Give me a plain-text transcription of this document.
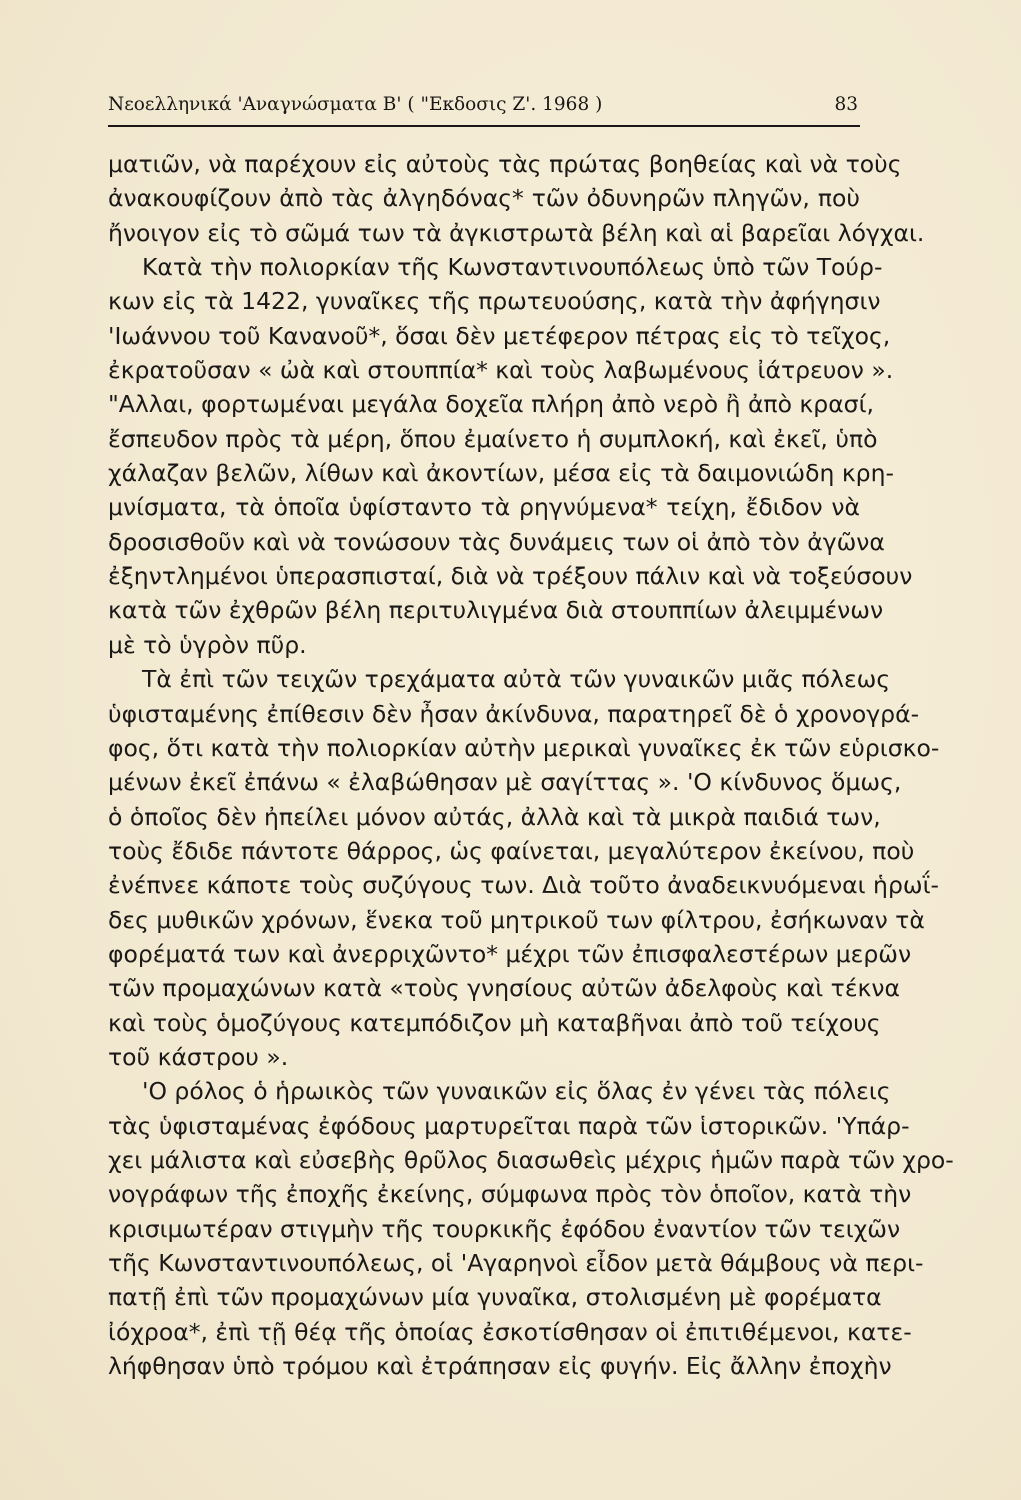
Νεοελληνικά 'Αναγνώσματα Β' ( "Εκδοσις Ζ'. 1968 )	83
ματιῶν, νὰ παρέχουν εἰς αὐτοὺς τὰς πρώτας βοηθείας καὶ νὰ τοὺς
ἀνακουφίζουν ἀπὸ τὰς ἀλγηδόνας* τῶν ὀδυνηρῶν πληγῶν, ποὺ
ἤνοιγον εἰς τὸ σῶμά των τὰ ἀγκιστρωτὰ βέλη καὶ αἱ βαρεῖαι λόγχαι.
Κατὰ τὴν πολιορκίαν τῆς Κωνσταντινουπόλεως ὑπὸ τῶν Τούρ-
κων εἰς τὰ 1422, γυναῖκες τῆς πρωτευούσης, κατὰ τὴν ἀφήγησιν
'Ιωάννου τοῦ Κανανοῦ*, ὅσαι δὲν μετέφερον πέτρας εἰς τὸ τεῖχος,
ἐκρατοῦσαν « ὠὰ καὶ στουππία* καὶ τοὺς λαβωμένους ἰάτρευον ».
"Αλλαι, φορτωμέναι μεγάλα δοχεῖα πλήρη ἀπὸ νερὸ ἢ ἀπὸ κρασί,
ἔσπευδον πρὸς τὰ μέρη, ὅπου ἐμαίνετο ἡ συμπλοκή, καὶ ἐκεῖ, ὑπὸ
χάλαζαν βελῶν, λίθων καὶ ἀκοντίων, μέσα εἰς τὰ δαιμονιώδη κρη-
μνίσματα, τὰ ὁποῖα ὑφίσταντο τὰ ρηγνύμενα* τείχη, ἔδιδον νὰ
δροσισθοῦν καὶ νὰ τονώσουν τὰς δυνάμεις των οἱ ἀπὸ τὸν ἀγῶνα
ἐξηντλημένοι ὑπερασπισταί, διὰ νὰ τρέξουν πάλιν καὶ νὰ τοξεύσουν
κατὰ τῶν ἐχθρῶν βέλη περιτυλιγμένα διὰ στουππίων ἀλειμμένων
μὲ τὸ ὑγρὸν πῦρ.
Τὰ ἐπὶ τῶν τειχῶν τρεχάματα αὐτὰ τῶν γυναικῶν μιᾶς πόλεως
ὑφισταμένης ἐπίθεσιν δὲν ἦσαν ἀκίνδυνα, παρατηρεῖ δὲ ὁ χρονογρά-
φος, ὅτι κατὰ τὴν πολιορκίαν αὐτὴν μερικαὶ γυναῖκες ἐκ τῶν εὑρισκο-
μένων ἐκεῖ ἐπάνω « ἐλαβώθησαν μὲ σαγίττας ». 'Ο κίνδυνος ὅμως,
ὁ ὁποῖος δὲν ἠπείλει μόνον αὐτάς, ἀλλὰ καὶ τὰ μικρὰ παιδιά των,
τοὺς ἔδιδε πάντοτε θάρρος, ὡς φαίνεται, μεγαλύτερον ἐκείνου, ποὺ
ἐνέπνεε κάποτε τοὺς συζύγους των. Διὰ τοῦτο ἀναδεικνυόμεναι ἡρωΐ-
δες μυθικῶν χρόνων, ἕνεκα τοῦ μητρικοῦ των φίλτρου, ἐσήκωναν τὰ
φορέματά των καὶ ἀνερριχῶντο* μέχρι τῶν ἐπισφαλεστέρων μερῶν
τῶν προμαχώνων κατὰ «τοὺς γνησίους αὐτῶν ἀδελφοὺς καὶ τέκνα
καὶ τοὺς ὁμοζύγους κατεμπόδιζον μὴ καταβῆναι ἀπὸ τοῦ τείχους
τοῦ κάστρου ».
'Ο ρόλος ὁ ἡρωικὸς τῶν γυναικῶν εἰς ὅλας ἐν γένει τὰς πόλεις
τὰς ὑφισταμένας ἐφόδους μαρτυρεῖται παρὰ τῶν ἱστορικῶν. 'Υπάρ-
χει μάλιστα καὶ εὐσεβὴς θρῦλος διασωθεὶς μέχρις ἡμῶν παρὰ τῶν χρο-
νογράφων τῆς ἐποχῆς ἐκείνης, σύμφωνα πρὸς τὸν ὁποῖον, κατὰ τὴν
κρισιμωτέραν στιγμὴν τῆς τουρκικῆς ἐφόδου ἐναντίον τῶν τειχῶν
τῆς Κωνσταντινουπόλεως, οἱ 'Αγαρηνοὶ εἶδον μετὰ θάμβους νὰ περι-
πατῇ ἐπὶ τῶν προμαχώνων μία γυναῖκα, στολισμένη μὲ φορέματα
ἰόχροα*, ἐπὶ τῇ θέᾳ τῆς ὁποίας ἐσκοτίσθησαν οἱ ἐπιτιθέμενοι, κατε-
λήφθησαν ὑπὸ τρόμου καὶ ἐτράπησαν εἰς φυγήν. Εἰς ἄλλην ἐποχὴν
